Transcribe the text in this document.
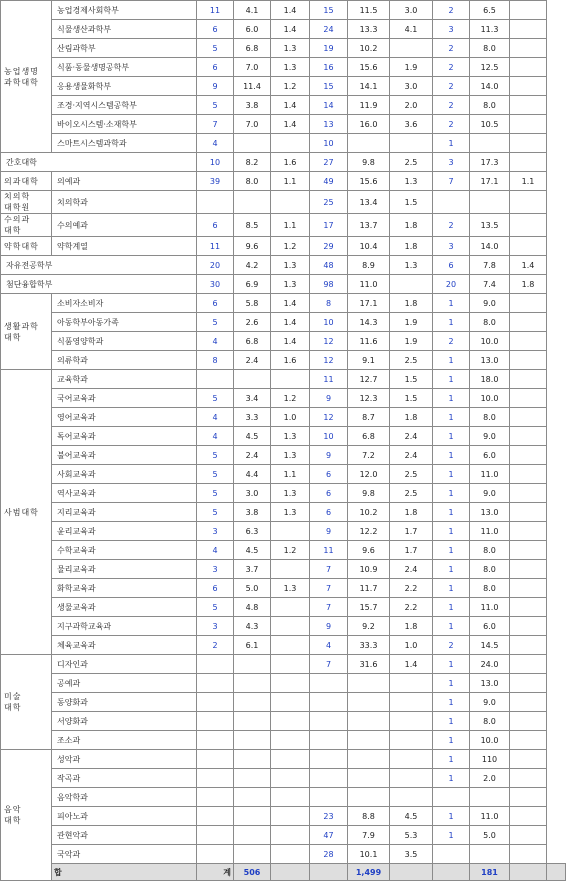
농업생명
과학대학	농업경제사회학부	11	4.1	1.4	15	11.5	3.0	2	6.5		
	식물생산과학부	6	6.0	1.4	24	13.3	4.1	3	11.3		
	산림과학부	5	6.8	1.3	19	10.2		2	8.0		
	식품·동물생명공학부	6	7.0	1.3	16	15.6	1.9	2	12.5		
	응용생물화학부	9	11.4	1.2	15	14.1	3.0	2	14.0		
	조경·지역시스템공학부	5	3.8	1.4	14	11.9	2.0	2	8.0		
	바이오시스템·소재학부	7	7.0	1.4	13	16.0	3.6	2	10.5		
	스마트시스템과학과	4			10			1			
간호대학		10	8.2	1.6	27	9.8	2.5	3	17.3		
의과대학	의예과	39	8.0	1.1	49	15.6	1.3	7	17.1	1.1	
치의학
대학원	치의학과				25	13.4	1.5				
수의과
대학	수의예과	6	8.5	1.1	17	13.7	1.8	2	13.5		
약학대학	약학계열	11	9.6	1.2	29	10.4	1.8	3	14.0		
자유전공학부		20	4.2	1.3	48	8.9	1.3	6	7.8	1.4	
첨단융합학부		30	6.9	1.3	98	11.0		20	7.4	1.8	
생활과학
대학	소비자소비자	6	5.8	1.4	8	17.1	1.8	1	9.0		
	아동학부아동가족	5	2.6	1.4	10	14.3	1.9	1	8.0		
	식품영양학과	4	6.8	1.4	12	11.6	1.9	2	10.0		
	의류학과	8	2.4	1.6	12	9.1	2.5	1	13.0		
사범대학	교육학과				11	12.7	1.5	1	18.0		
	국어교육과	5	3.4	1.2	9	12.3	1.5	1	10.0		
	영어교육과	4	3.3	1.0	12	8.7	1.8	1	8.0		
	독어교육과	4	4.5	1.3	10	6.8	2.4	1	9.0		
	불어교육과	5	2.4	1.3	9	7.2	2.4	1	6.0		
	사회교육과	5	4.4	1.1	6	12.0	2.5	1	11.0		
	역사교육과	5	3.0	1.3	6	9.8	2.5	1	9.0		
	지리교육과	5	3.8	1.3	6	10.2	1.8	1	13.0		
	윤리교육과	3	6.3		9	12.2	1.7	1	11.0		
	수학교육과	4	4.5	1.2	11	9.6	1.7	1	8.0		
	물리교육과	3	3.7		7	10.9	2.4	1	8.0		
	화학교육과	6	5.0	1.3	7	11.7	2.2	1	8.0		
	생물교육과	5	4.8		7	15.7	2.2	1	11.0		
	지구과학교육과	3	4.3		9	9.2	1.8	1	6.0		
	체육교육과	2	6.1		4	33.3	1.0	2	14.5		
미술
대학	디자인과				7	31.6	1.4	1	24.0		
	공예과							1	13.0		
	동양화과							1	9.0		
	서양화과							1	8.0		
	조소과							1	10.0		
음악
대학	성악과							1	110		
	작곡과							1	2.0		
	음악학과										
	피아노과				23	8.8	4.5	1	11.0		
	관현악과				47	7.9	5.3	1	5.0		
	국악과				28	10.1	3.5				
	합	계	506			1,499			181		
